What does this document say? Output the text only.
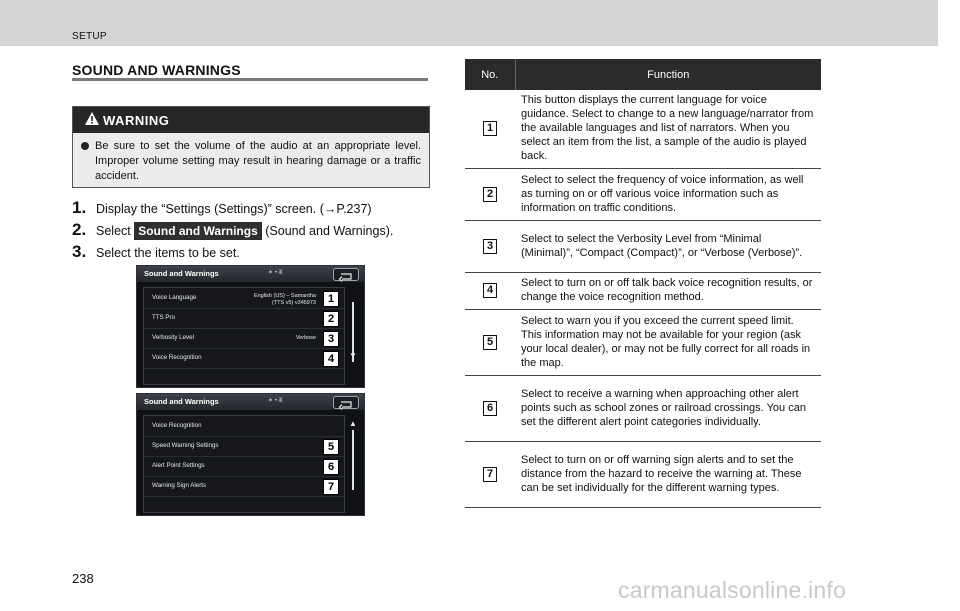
SETUP
SOUND AND WARNINGS
WARNING
Be sure to set the volume of the audio at an appropriate level. Improper volume setting may result in hearing damage or a traffic accident.
1. Display the “Settings (Settings)” screen. (→P.237)
2. Select Sound and Warnings (Sound and Warnings).
3. Select the items to be set.
Sound and Warnings	✶ • ill
Voice Language	English (US) – Samantha
(TTS v5) v345973	1
TTS Pro	2
Verbosity Level	Verbose	3
Voice Recognition	4	▼
Sound and Warnings	✶ • ill
Voice Recognition
Speed Warning Settings	5
Alert Point Settings	6
Warning Sign Alerts	7
▲
No.	Function
1	This button displays the current language for voice guidance. Select to change to a new language/narrator from the available languages and list of narrators. When you select an item from the list, a sample of the audio is played back.
2	Select to select the frequency of voice information, as well as turning on or off various voice information such as information on traffic conditions.
3	Select to select the Verbosity Level from “Minimal (Minimal)”, “Compact (Compact)”, or “Verbose (Verbose)”.
4	Select to turn on or off talk back voice recognition results, or change the voice recognition method.
5	Select to warn you if you exceed the current speed limit. This information may not be available for your region (ask your local dealer), or may not be fully correct for all roads in the map.
6	Select to receive a warning when approaching other alert points such as school zones or railroad crossings. You can set the different alert point categories individually.
7	Select to turn on or off warning sign alerts and to set the distance from the hazard to receive the warning at. These can be set individually for the different warning types.
238	carmanualsonline.info
